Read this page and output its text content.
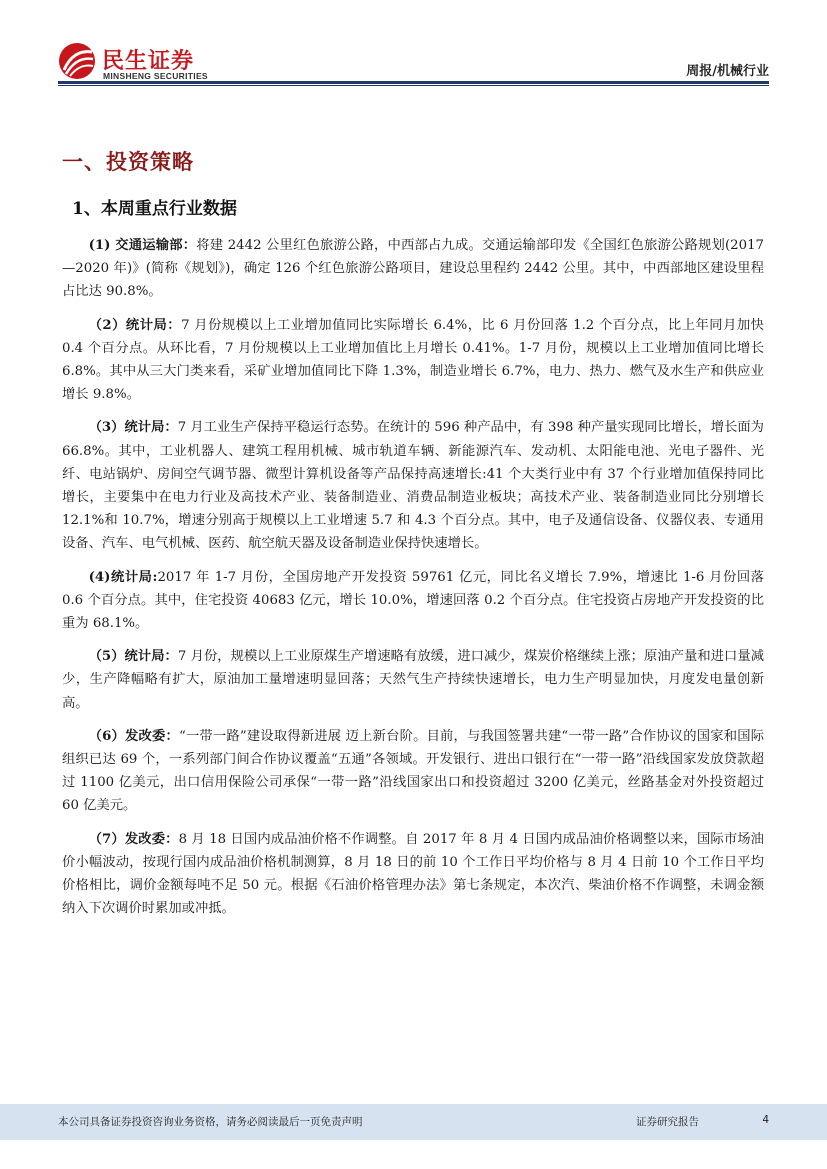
民生证券
MINSHENG SECURITIES	周报/机械行业
一、投资策略
1、本周重点行业数据

(1) 交通运输部：将建 2442 公里红色旅游公路，中西部占九成。交通运输部印发《全国红色旅游公路规划(2017—2020 年)》(简称《规划》)，确定 126 个红色旅游公路项目，建设总里程约 2442 公里。其中，中西部地区建设里程占比达 90.8%。

（2）统计局：7 月份规模以上工业增加值同比实际增长 6.4%，比 6 月份回落 1.2 个百分点，比上年同月加快 0.4 个百分点。从环比看，7 月份规模以上工业增加值比上月增长 0.41%。1-7 月份，规模以上工业增加值同比增长 6.8%。其中从三大门类来看，采矿业增加值同比下降 1.3%，制造业增长 6.7%，电力、热力、燃气及水生产和供应业增长 9.8%。

（3）统计局：7 月工业生产保持平稳运行态势。在统计的 596 种产品中，有 398 种产量实现同比增长，增长面为 66.8%。其中，工业机器人、建筑工程用机械、城市轨道车辆、新能源汽车、发动机、太阳能电池、光电子器件、光纤、电站锅炉、房间空气调节器、微型计算机设备等产品保持高速增长:41 个大类行业中有 37 个行业增加值保持同比增长，主要集中在电力行业及高技术产业、装备制造业、消费品制造业板块；高技术产业、装备制造业同比分别增长 12.1%和 10.7%，增速分别高于规模以上工业增速 5.7 和 4.3 个百分点。其中，电子及通信设备、仪器仪表、专通用设备、汽车、电气机械、医药、航空航天器及设备制造业保持快速增长。

(4)统计局:2017 年 1-7 月份，全国房地产开发投资 59761 亿元，同比名义增长 7.9%，增速比 1-6 月份回落 0.6 个百分点。其中，住宅投资 40683 亿元，增长 10.0%，增速回落 0.2 个百分点。住宅投资占房地产开发投资的比重为 68.1%。

（5）统计局：7 月份，规模以上工业原煤生产增速略有放缓，进口减少，煤炭价格继续上涨；原油产量和进口量减少，生产降幅略有扩大，原油加工量增速明显回落；天然气生产持续快速增长，电力生产明显加快，月度发电量创新高。

（6）发改委：“一带一路”建设取得新进展 迈上新台阶。目前，与我国签署共建“一带一路”合作协议的国家和国际组织已达 69 个，一系列部门间合作协议覆盖“五通”各领域。开发银行、进出口银行在“一带一路”沿线国家发放贷款超过 1100 亿美元，出口信用保险公司承保“一带一路”沿线国家出口和投资超过 3200 亿美元，丝路基金对外投资超过 60 亿美元。

（7）发改委：8 月 18 日国内成品油价格不作调整。自 2017 年 8 月 4 日国内成品油价格调整以来，国际市场油价小幅波动，按现行国内成品油价格机制测算，8 月 18 日的前 10 个工作日平均价格与 8 月 4 日前 10 个工作日平均价格相比，调价金额每吨不足 50 元。根据《石油价格管理办法》第七条规定，本次汽、柴油价格不作调整，未调金额纳入下次调价时累加或冲抵。

本公司具备证券投资咨询业务资格，请务必阅读最后一页免责声明	证券研究报告	4
